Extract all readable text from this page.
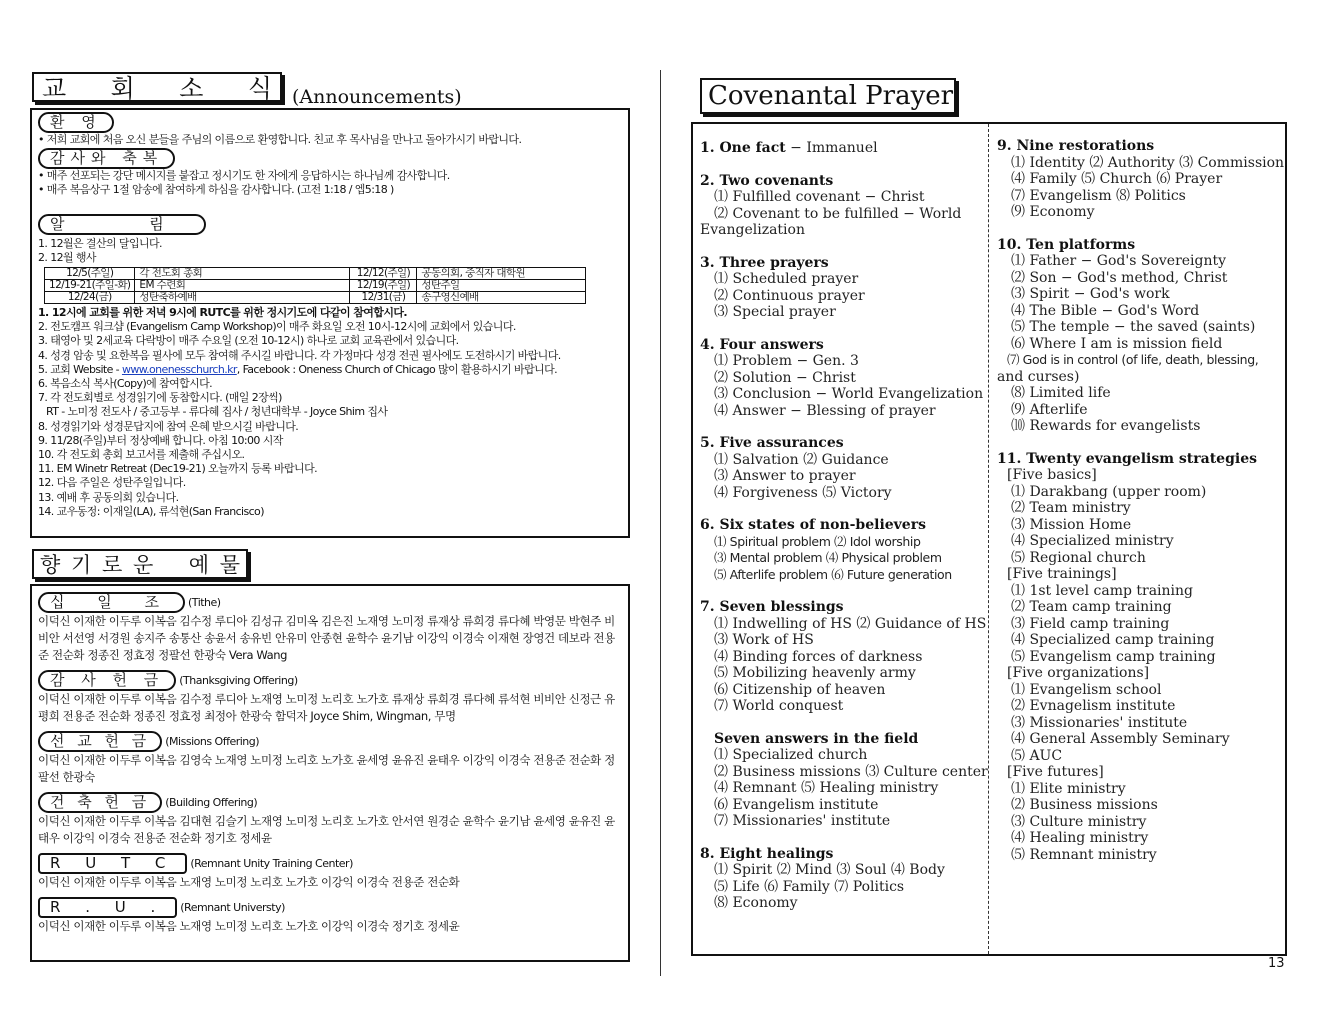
교 회 소 식 (Announcements)
환 영
• 저희 교회에 처음 오신 분들을 주님의 이름으로 환영합니다. 친교 후 목사님을 만나고 돌아가시기 바랍니다.
감사와 축복
• 매주 선포되는 강단 메시지를 붙잡고 정시기도 한 자에게 응답하시는 하나님께 감사합니다.
• 매주 복음상구 1절 암송에 참여하게 하심을 감사합니다. (고전 1:18 / 엡5:18 )
알 림
1. 12월은 결산의 달입니다.
2. 12월 행사
12/5(주일)	각 전도회 총회	12/12(주일)	공동의회, 중직자 대학원
12/19-21(주일-화)	EM 수련회	12/19(주일)	성탄주일
12/24(금)	성탄축하예배	12/31(금)	송구영신예배
1. 12시에 교회를 위한 저녁 9시에 RUTC를 위한 정시기도에 다같이 참여합시다.
2. 전도캠프 워크샵 (Evangelism Camp Workshop)이 매주 화요일 오전 10시-12시에 교회에서 있습니다.
3. 태영아 및 2세교육 다락방이 매주 수요일 (오전 10-12시) 하나로 교회 교육관에서 있습니다.
4. 성경 암송 및 요한복음 필사에 모두 참여해 주시길 바랍니다. 각 가정마다 성경 전권 필사에도 도전하시기 바랍니다.
5. 교회 Website - www.onenesschurch.kr, Facebook : Oneness Church of Chicago 많이 활용하시기 바랍니다.
6. 복음소식 복사(Copy)에 참여합시다.
7. 각 전도회별로 성경읽기에 동참합시다. (매일 2장씩)
RT - 노미정 전도사 / 중고등부 - 류다혜 집사 / 청년대학부 - Joyce Shim 집사
8. 성경읽기와 성경문답지에 참여 은혜 받으시길 바랍니다.
9. 11/28(주일)부터 정상예배 합니다. 아침 10:00 시작
10. 각 전도회 총회 보고서를 제출해 주십시오.
11. EM Winetr Retreat (Dec19-21) 오늘까지 등록 바랍니다.
12. 다음 주일은 성탄주일입니다.
13. 예배 후 공동의회 있습니다.
14. 교우동정: 이재일(LA), 류석현(San Francisco)
향 기 로 운 예 물
십 일 조	(Tithe)
이덕신 이재한 이두루 이복음 김수정 루디아 김성규 김미옥 김은진 노재영 노미정 류재상 류희경 류다혜 박영문 박현주 비비안 서선영 서경원 송지주 송통산 송윤서 송유빈 안유미 안종현 윤학수 윤기남 이강익 이경숙 이재현 장영건 데보라 전용준 전순화 정종진 정효정 정팔선 한광숙 Vera Wang
감 사 헌 금	(Thanksgiving Offering)
이덕신 이재한 이두루 이복음 김수정 루디아 노재영 노미정 노리호 노가호 류재상 류희경 류다혜 류석현 비비안 신정근 유평희 전용준 전순화 정종진 정효정 최정아 한광숙 함덕자 Joyce Shim, Wingman, 무명
선 교 헌 금	(Missions Offering)
이덕신 이재한 이두루 이복음 김영숙 노재영 노미정 노리호 노가호 윤세영 윤유진 윤태우 이강익 이경숙 전용준 전순화 정팔선 한광숙
건 축 헌 금	(Building Offering)
이덕신 이재한 이두루 이복음 김대현 김슬기 노재영 노미정 노리호 노가호 안서연 원경순 윤학수 윤기남 윤세영 윤유진 윤태우 이강익 이경숙 전용준 전순화 정기호 정세윤
R U T C	(Remnant Unity Training Center)
이덕신 이재한 이두루 이복음 노재영 노미정 노리호 노가호 이강익 이경숙 전용준 전순화
R . U .	(Remnant Universty)
이덕신 이재한 이두루 이복음 노재영 노미정 노리호 노가호 이강익 이경숙 정기호 정세윤
Covenantal Prayer
1. One fact − Immanuel
2. Two covenants
⑴ Fulfilled covenant − Christ
⑵ Covenant to be fulfilled − World
Evangelization
3. Three prayers
⑴ Scheduled prayer
⑵ Continuous prayer
⑶ Special prayer
4. Four answers
⑴ Problem − Gen. 3
⑵ Solution − Christ
⑶ Conclusion − World Evangelization
⑷ Answer − Blessing of prayer
5. Five assurances
⑴ Salvation ⑵ Guidance
⑶ Answer to prayer
⑷ Forgiveness ⑸ Victory
6. Six states of non-believers
⑴ Spiritual problem ⑵ Idol worship
⑶ Mental problem ⑷ Physical problem
⑸ Afterlife problem ⑹ Future generation
7. Seven blessings
⑴ Indwelling of HS ⑵ Guidance of HS
⑶ Work of HS
⑷ Binding forces of darkness
⑸ Mobilizing heavenly army
⑹ Citizenship of heaven
⑺ World conquest
Seven answers in the field
⑴ Specialized church
⑵ Business missions ⑶ Culture center
⑷ Remnant ⑸ Healing ministry
⑹ Evangelism institute
⑺ Missionaries' institute
8. Eight healings
⑴ Spirit ⑵ Mind ⑶ Soul ⑷ Body
⑸ Life ⑹ Family ⑺ Politics
⑻ Economy
9. Nine restorations
⑴ Identity ⑵ Authority ⑶ Commission
⑷ Family ⑸ Church ⑹ Prayer
⑺ Evangelism ⑻ Politics
⑼ Economy
10. Ten platforms
⑴ Father − God's Sovereignty
⑵ Son − God's method, Christ
⑶ Spirit − God's work
⑷ The Bible − God's Word
⑸ The temple − the saved (saints)
⑹ Where I am is mission field
⑺ God is in control (of life, death, blessing,
and curses)
⑻ Limited life
⑼ Afterlife
⑽ Rewards for evangelists
11. Twenty evangelism strategies
[Five basics]
⑴ Darakbang (upper room)
⑵ Team ministry
⑶ Mission Home
⑷ Specialized ministry
⑸ Regional church
[Five trainings]
⑴ 1st level camp training
⑵ Team camp training
⑶ Field camp training
⑷ Specialized camp training
⑸ Evangelism camp training
[Five organizations]
⑴ Evangelism school
⑵ Evnagelism institute
⑶ Missionaries' institute
⑷ General Assembly Seminary
⑸ AUC
[Five futures]
⑴ Elite ministry
⑵ Business missions
⑶ Culture ministry
⑷ Healing ministry
⑸ Remnant ministry
13
